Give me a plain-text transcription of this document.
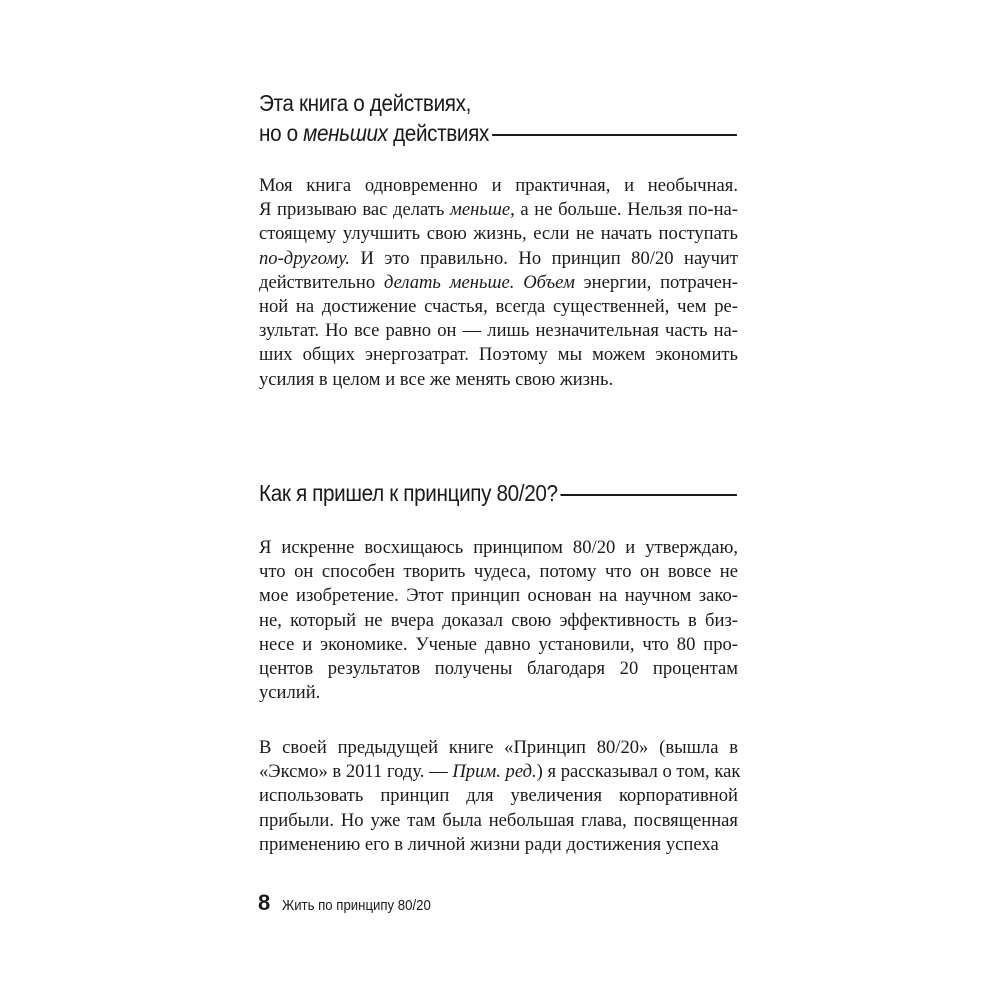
Эта книга о действиях,
но о меньших действиях

Моя книга одновременно и практичная, и необычная.
Я призываю вас делать меньше, а не больше. Нельзя по-на-
стоящему улучшить свою жизнь, если не начать поступать
по-другому. И это правильно. Но принцип 80/20 научит
действительно делать меньше. Объем энергии, потрачен-
ной на достижение счастья, всегда существенней, чем ре-
зультат. Но все равно он — лишь незначительная часть на-
ших общих энергозатрат. Поэтому мы можем экономить
усилия в целом и все же менять свою жизнь.

Как я пришел к принципу 80/20?

Я искренне восхищаюсь принципом 80/20 и утверждаю,
что он способен творить чудеса, потому что он вовсе не
мое изобретение. Этот принцип основан на научном зако-
не, который не вчера доказал свою эффективность в биз-
несе и экономике. Ученые давно установили, что 80 про-
центов результатов получены благодаря 20 процентам
усилий.

В своей предыдущей книге «Принцип 80/20» (вышла в
«Эксмо» в 2011 году. — Прим. ред.) я рассказывал о том, как
использовать принцип для увеличения корпоративной
прибыли. Но уже там была небольшая глава, посвященная
применению его в личной жизни ради достижения успеха

8 Жить по принципу 80/20
